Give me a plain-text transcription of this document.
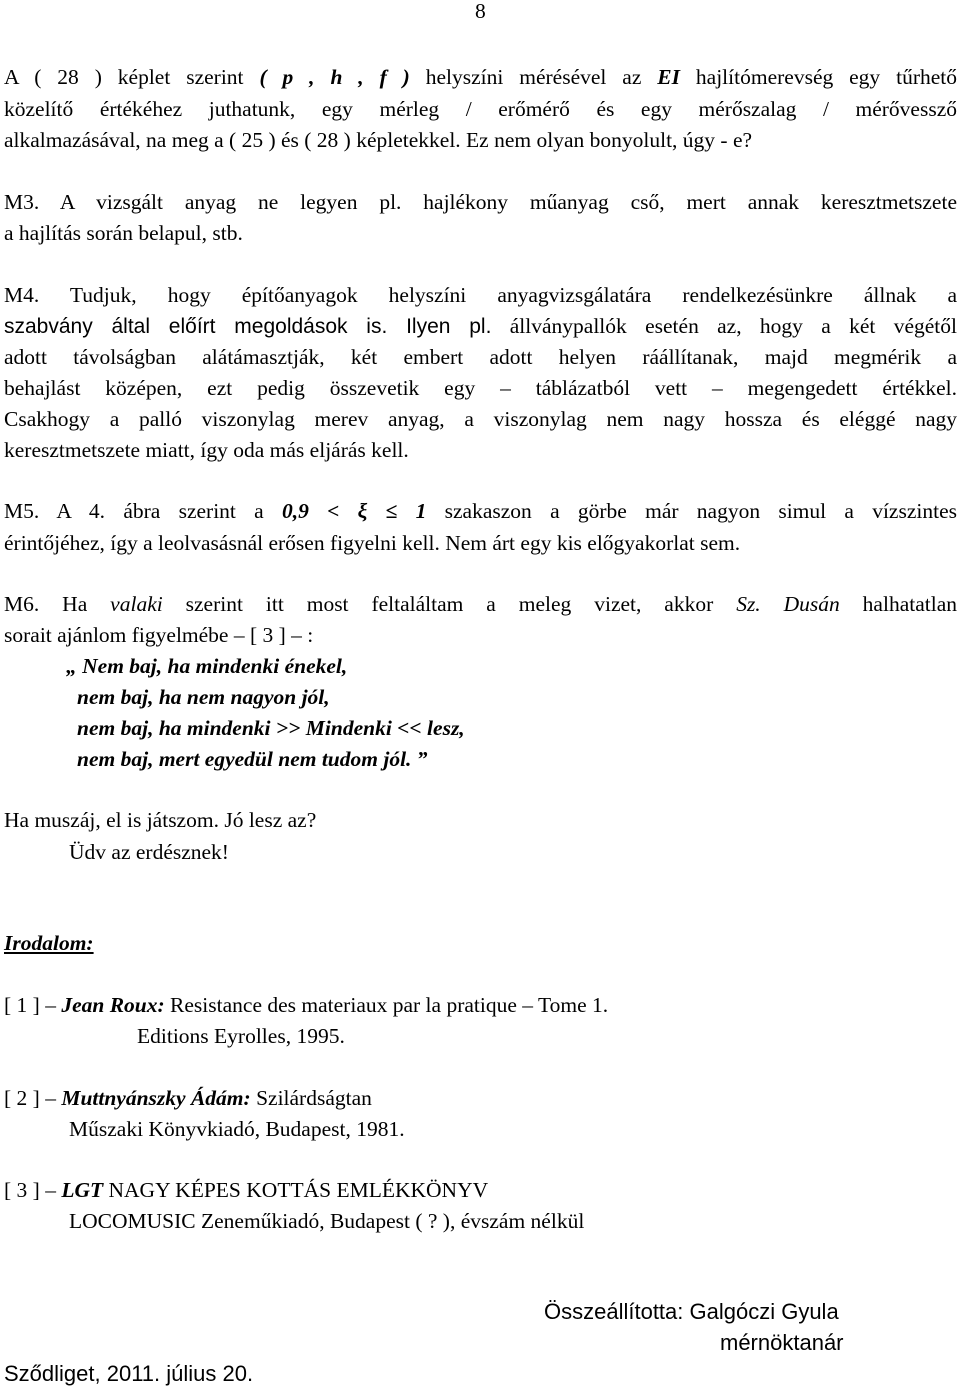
8
A ( 28 ) képlet szerint ( p , h , f ) helyszíni mérésével az EI hajlítómerevség egy tűrhető
közelítő értékéhez juthatunk, egy mérleg / erőmérő és egy mérőszalag / mérővessző
alkalmazásával, na meg a ( 25 ) és ( 28 ) képletekkel. Ez nem olyan bonyolult, úgy - e?
M3. A vizsgált anyag ne legyen pl. hajlékony műanyag cső, mert annak keresztmetszete
a hajlítás során belapul, stb.
M4. Tudjuk, hogy építőanyagok helyszíni anyagvizsgálatára rendelkezésünkre állnak a
szabvány által előírt megoldások is. Ilyen pl. állványpallók esetén az, hogy a két végétől
adott távolságban alátámasztják, két embert adott helyen ráállítanak, majd megmérik a
behajlást középen, ezt pedig összevetik egy – táblázatból vett – megengedett értékkel.
Csakhogy a palló viszonylag merev anyag, a viszonylag nem nagy hossza és eléggé nagy
keresztmetszete miatt, így oda más eljárás kell.
M5. A 4. ábra szerint a 0,9 < ξ ≤ 1 szakaszon a görbe már nagyon simul a vízszintes
érintőjéhez, így a leolvasásnál erősen figyelni kell. Nem árt egy kis előgyakorlat sem.
M6. Ha valaki szerint itt most feltaláltam a meleg vizet, akkor Sz. Dusán halhatatlan
sorait ajánlom figyelmébe – [ 3 ] – :
„ Nem baj, ha mindenki énekel,
nem baj, ha nem nagyon jól,
nem baj, ha mindenki >> Mindenki << lesz,
nem baj, mert egyedül nem tudom jól. ”
Ha muszáj, el is játszom. Jó lesz az?
Üdv az erdésznek!
Irodalom:
[ 1 ] – Jean Roux: Resistance des materiaux par la pratique – Tome 1.
Editions Eyrolles, 1995.
[ 2 ] – Muttnyánszky Ádám: Szilárdságtan
Műszaki Könyvkiadó, Budapest, 1981.
[ 3 ] – LGT NAGY KÉPES KOTTÁS EMLÉKKÖNYV
LOCOMUSIC Zeneműkiadó, Budapest ( ? ), évszám nélkül
Összeállította: Galgóczi Gyula
mérnöktanár
Sződliget, 2011. július 20.
